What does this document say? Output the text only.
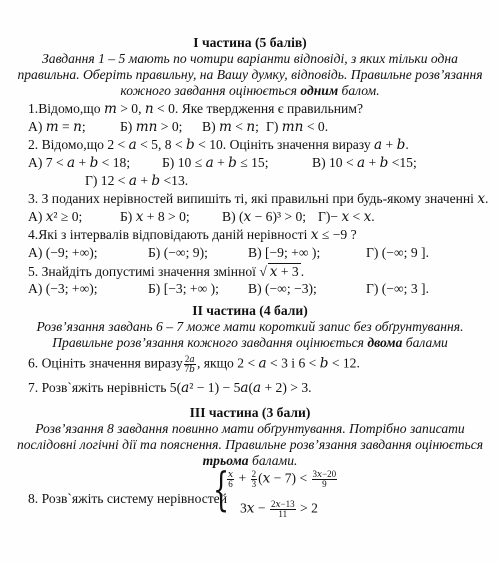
I частина (5 балів)
Завдання 1 – 5 мають по чотири варіанти відповіді, з яких тільки одна
правильна. Оберіть правильну, на Вашу думку, відповідь. Правильне розв’язання
кожного завдання оцінюється одним балом.
1.Відомо,що 𝑚 > 0, 𝑛 < 0. Яке твердження є правильним?
А) 𝑚 = 𝑛;	Б) 𝑚𝑛 > 0; В) 𝑚 < 𝑛; Г) 𝑚𝑛 < 0.
2. Відомо,що 2 < 𝑎 < 5, 8 < 𝑏 < 10. Оцініть значення виразу 𝑎 + 𝑏.
А) 7 < 𝑎 + 𝑏 < 18; Б) 10 ≤ 𝑎 + 𝑏 ≤ 15;	В) 10 < 𝑎 + 𝑏 <15;
Г) 12 < 𝑎 + 𝑏 <13.
3. З поданих нерівностей випишіть ті, які правильні при будь-якому значенні 𝑥.
А) 𝑥² ≥ 0;	Б) 𝑥 + 8 > 0; В) (𝑥 − 6)³ > 0; Г)− 𝑥 < 𝑥.
4.Які з інтервалів відповідають даній нерівності 𝑥 ≤ −9 ?
А) (−9; +∞);	Б) (−∞; 9);	В) [−9; +∞ );	Г) (−∞; 9 ].
5. Знайдіть допустимі значення змінної √ 𝑥 + 3 .
А) (−3; +∞);	Б) [−3; +∞ ); В) (−∞; −3);	Г) (−∞; 3 ].
II частина (4 бали)
Розв’язання завдань 6 – 7 може мати короткий запис без обґрунтування.
Правильне розв’язання кожного завдання оцінюється двома балами
6. Оцініть значення виразу $\frac{\text{2𝑎}}{\text{7𝑏}}$ , якщо 2 < 𝑎 < 3 і 6 < 𝑏 < 12.
7. Розв`яжіть нерівність 5(𝑎² − 1) − 5𝑎(𝑎 + 2) > 3.
III частина (3 бали)
Розв’язання 8 завдання повинно мати обґрунтування. Потрібно записати
послідовні логічні дії та пояснення. Правильне розв’язання завдання оцінюється
трьома балами.
8. Розв`яжіть систему нерівностей
{
$\frac{\text{𝑥}}{6} + \frac{2}{3}$ (𝑥 − $7) < \frac{\text{3𝑥−20}}{9}$
3𝑥 − $\frac{\text{2𝑥−13}}{11} > 2$
